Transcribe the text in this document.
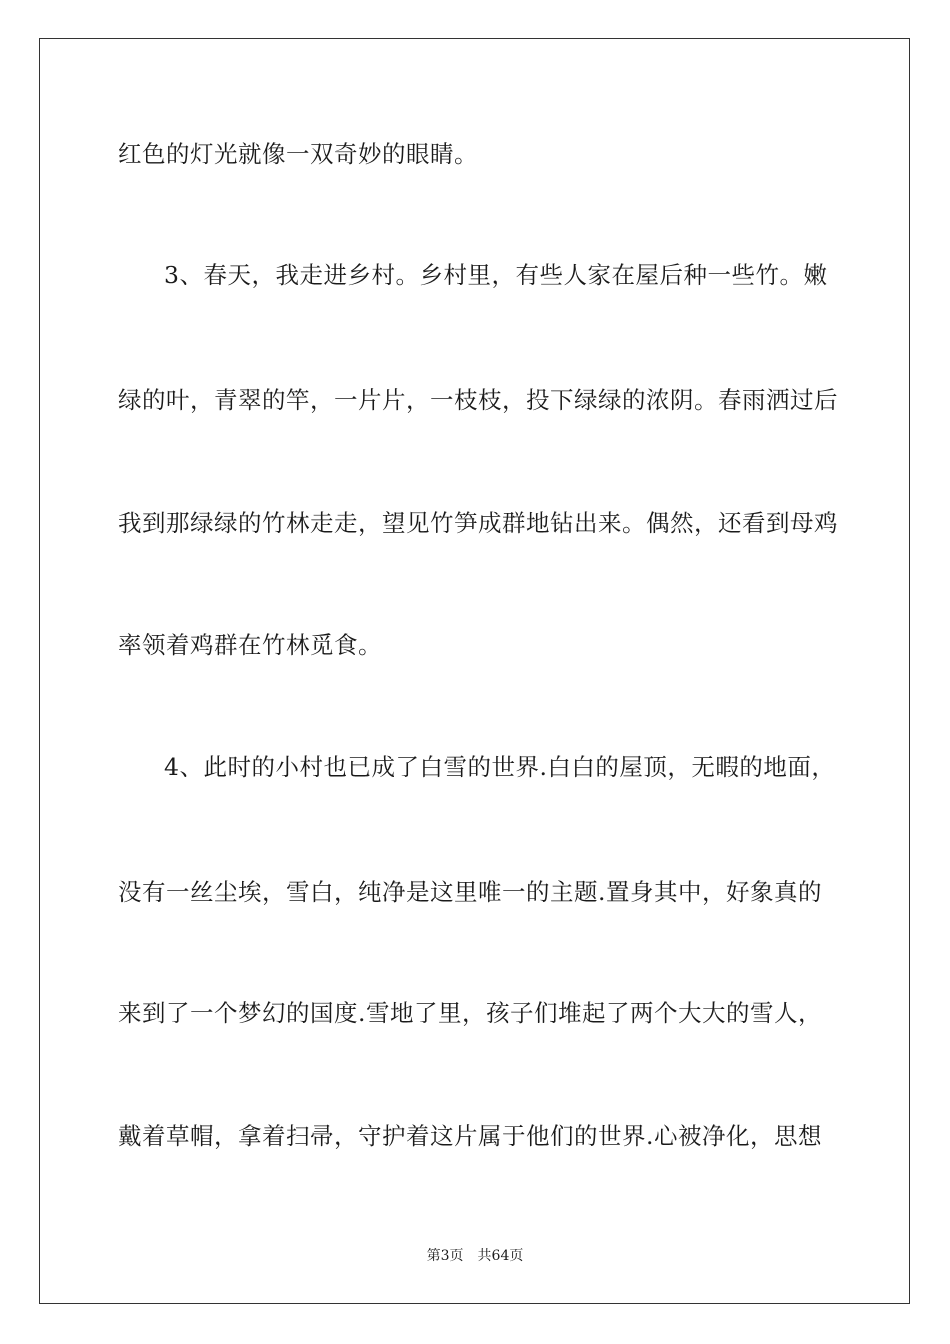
红色的灯光就像一双奇妙的眼睛。
3、春天，我走进乡村。乡村里，有些人家在屋后种一些竹。嫩
绿的叶，青翠的竿，一片片，一枝枝，投下绿绿的浓阴。春雨洒过后
我到那绿绿的竹林走走，望见竹笋成群地钻出来。偶然，还看到母鸡
率领着鸡群在竹林觅食。
4、此时的小村也已成了白雪的世界.白白的屋顶，无暇的地面，
没有一丝尘埃，雪白，纯净是这里唯一的主题.置身其中，好象真的
来到了一个梦幻的国度.雪地了里，孩子们堆起了两个大大的雪人，
戴着草帽，拿着扫帚，守护着这片属于他们的世界.心被净化，思想
第3页 共64页
